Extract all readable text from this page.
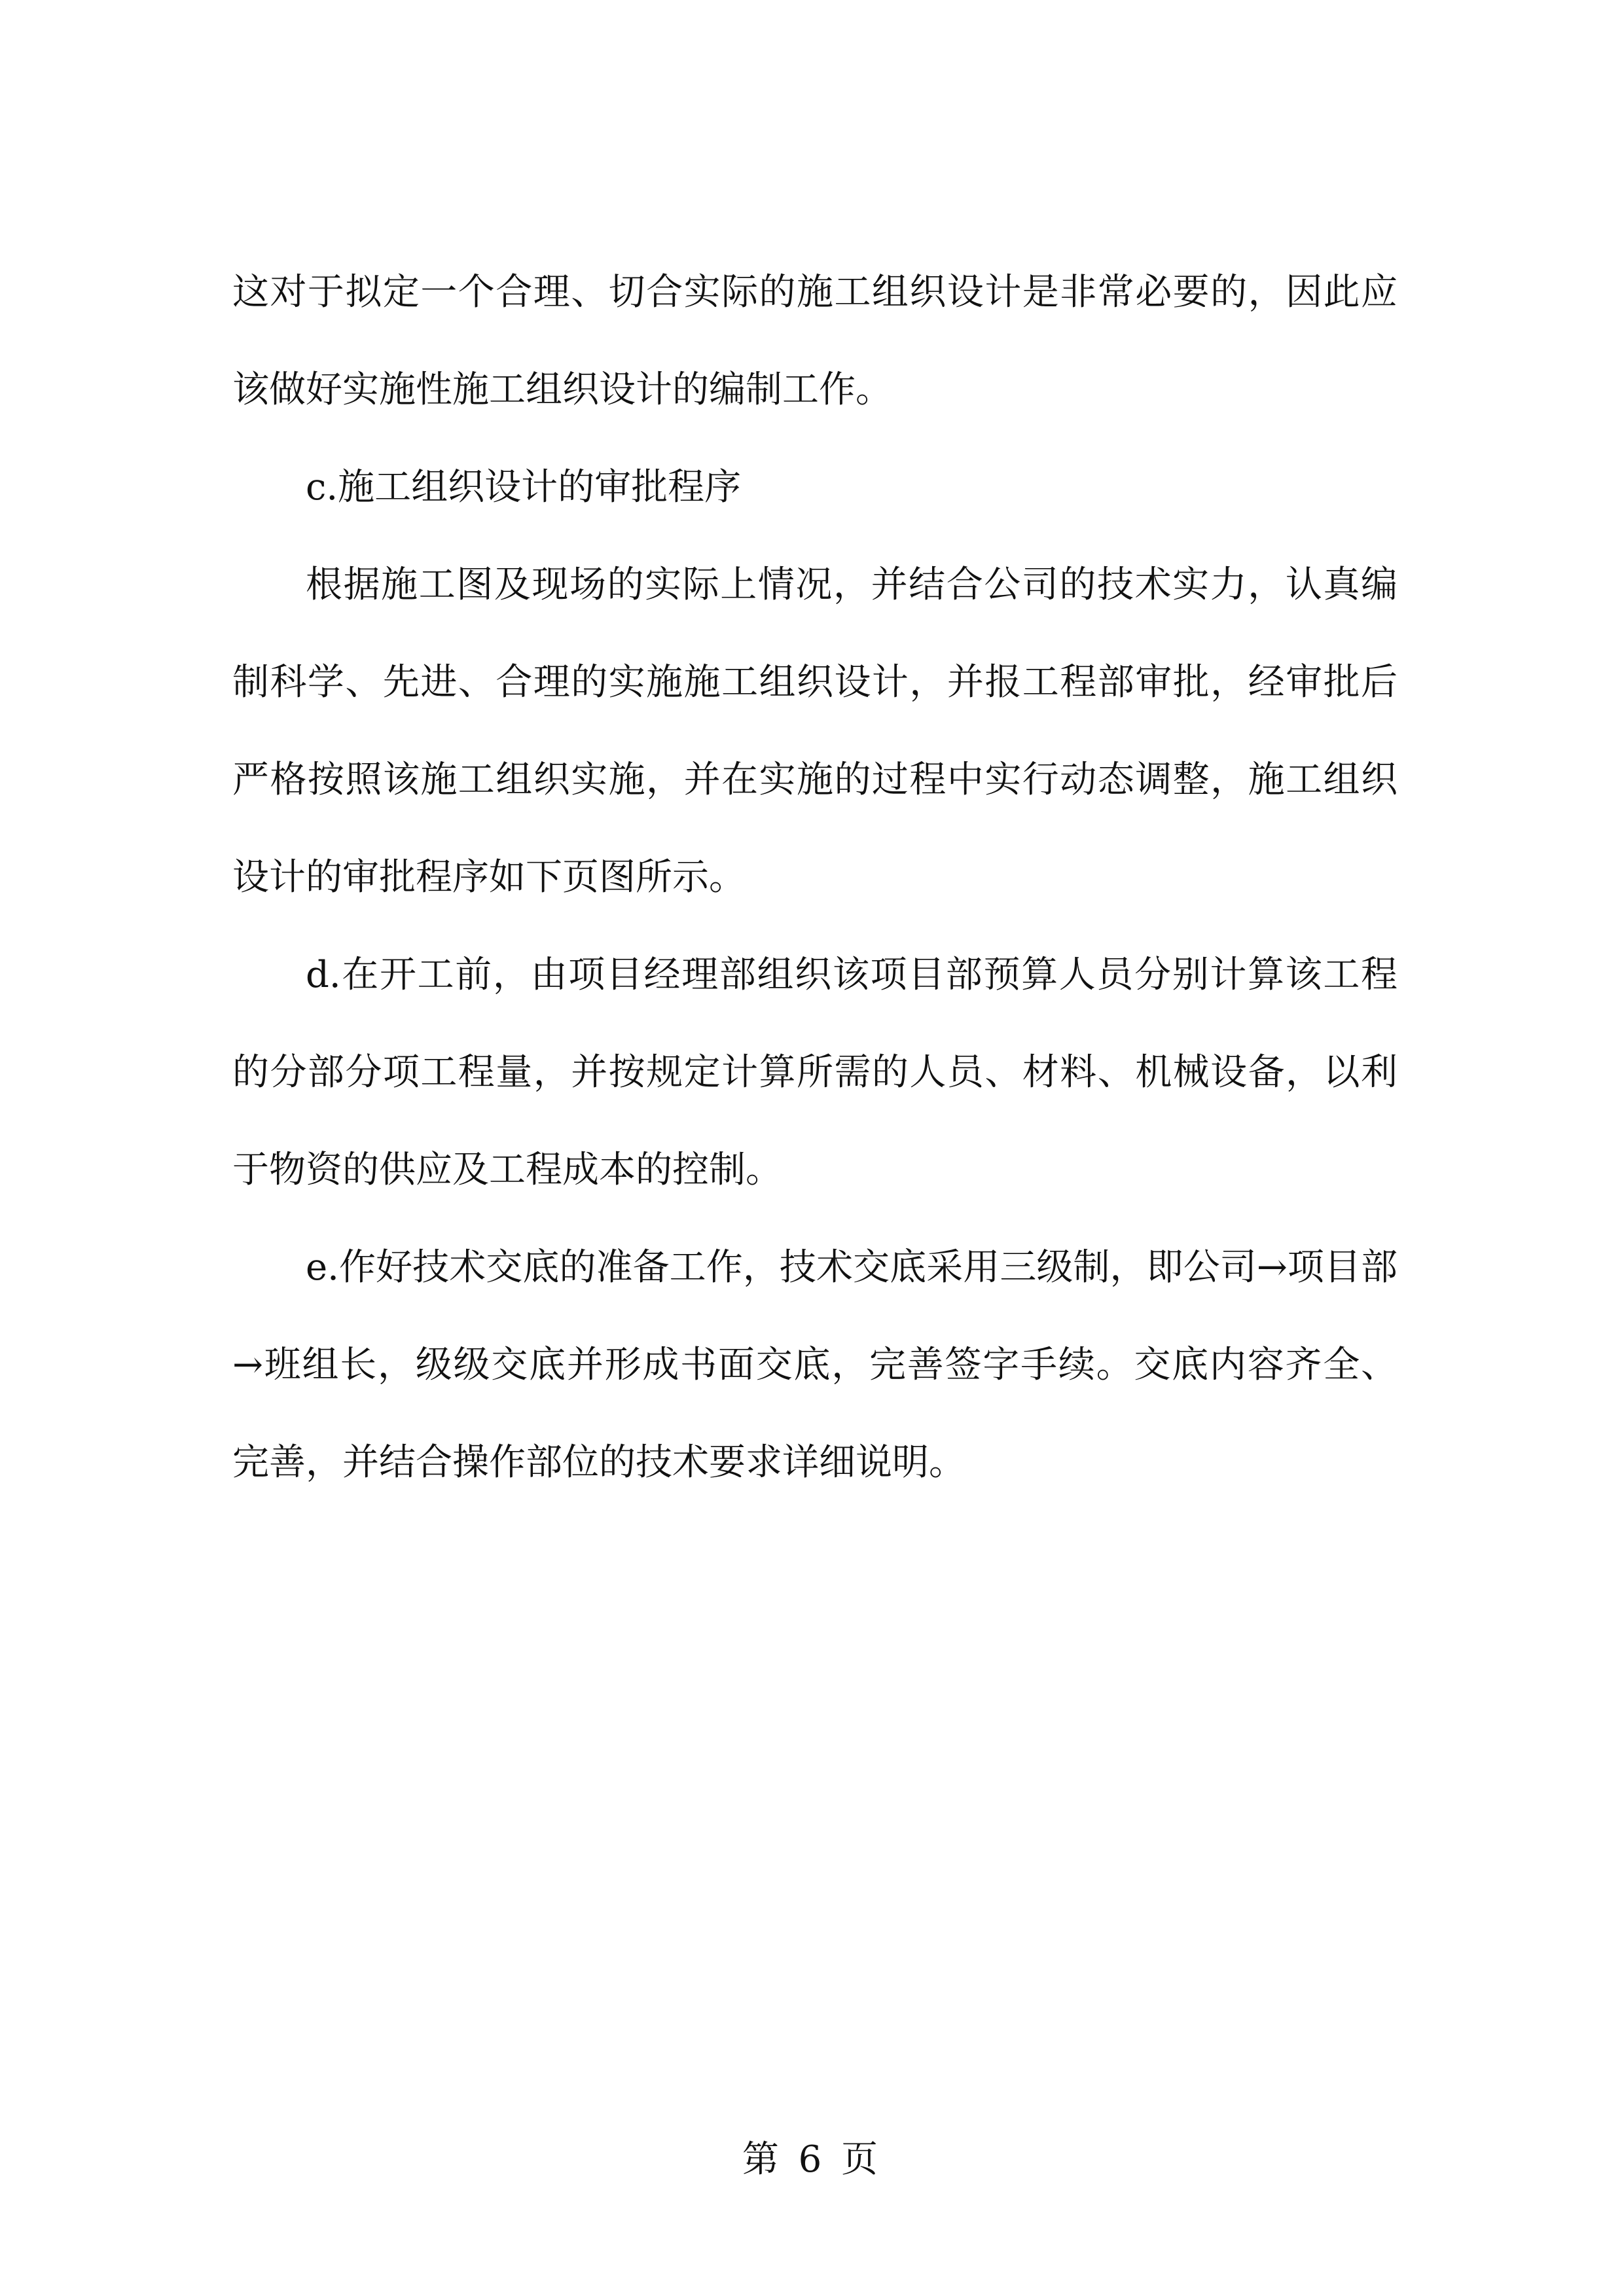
这对于拟定一个合理、切合实际的施工组织设计是非常必要的，因此应该做好实施性施工组织设计的编制工作。

c.施工组织设计的审批程序

根据施工图及现场的实际上情况，并结合公司的技术实力，认真编制科学、先进、合理的实施施工组织设计，并报工程部审批，经审批后严格按照该施工组织实施，并在实施的过程中实行动态调整，施工组织设计的审批程序如下页图所示。

d.在开工前，由项目经理部组织该项目部预算人员分别计算该工程的分部分项工程量，并按规定计算所需的人员、材料、机械设备，以利于物资的供应及工程成本的控制。

e.作好技术交底的准备工作，技术交底采用三级制，即公司→项目部→班组长，级级交底并形成书面交底，完善签字手续。交底内容齐全、完善，并结合操作部位的技术要求详细说明。

第 6 页
